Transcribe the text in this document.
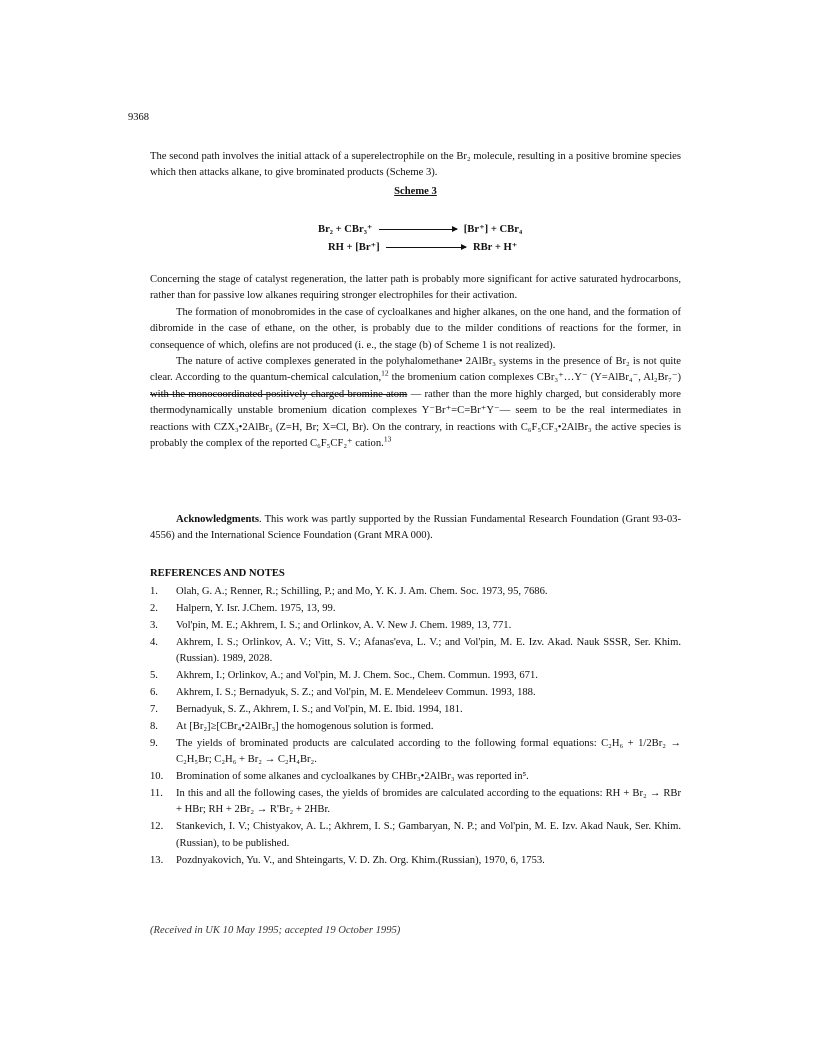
9368

The second path involves the initial attack of a superelectrophile on the Br₂ molecule, resulting in a positive bromine species which then attacks alkane, to give brominated products (Scheme 3).

Scheme 3
Br₂ + CBr₃⁺	[Br⁺] + CBr₄
RH + [Br⁺]	RBr + H⁺

Concerning the stage of catalyst regeneration, the latter path is probably more significant for active saturated hydrocarbons, rather than for passive low alkanes requiring stronger electrophiles for their activation.

The formation of monobromides in the case of cycloalkanes and higher alkanes, on the one hand, and the formation of dibromide in the case of ethane, on the other, is probably due to the milder conditions of reactions for the former, in consequence of which, olefins are not produced (i. e., the stage (b) of Scheme 1 is not realized).

The nature of active complexes generated in the polyhalomethane• 2AlBr₃ systems in the presence of Br₂ is not quite clear. According to the quantum-chemical calculation,$^{12}$ the bromenium cation complexes CBr₃⁺…Y⁻ (Y=AlBr₄⁻, Al₂Br₇⁻) with the monocoordinated positively charged bromine atom — rather than the more highly charged, but considerably more thermodynamically unstable bromenium dication complexes Y⁻Br⁺=C=Br⁺Y⁻— seem to be the real intermediates in reactions with CZX₃•2AlBr₃ (Z=H, Br; X=Cl, Br). On the contrary, in reactions with C₆F₅CF₃•2AlBr₃ the active species is probably the complex of the reported C₆F₅CF₂⁺ cation.$^{13}$

Acknowledgments. This work was partly supported by the Russian Fundamental Research Foundation (Grant 93-03-4556) and the International Science Foundation (Grant MRA 000).

REFERENCES AND NOTES
1.	Olah, G. A.; Renner, R.; Schilling, P.; and Mo, Y. K. J. Am. Chem. Soc. 1973, 95, 7686.
2.	Halpern, Y. Isr. J.Chem. 1975, 13, 99.
3.	Vol'pin, M. E.; Akhrem, I. S.; and Orlinkov, A. V. New J. Chem. 1989, 13, 771.
4.	Akhrem, I. S.; Orlinkov, A. V.; Vitt, S. V.; Afanas'eva, L. V.; and Vol'pin, M. E. Izv. Akad. Nauk SSSR, Ser. Khim. (Russian). 1989, 2028.
5.	Akhrem, I.; Orlinkov, A.; and Vol'pin, M. J. Chem. Soc., Chem. Commun. 1993, 671.
6.	Akhrem, I. S.; Bernadyuk, S. Z.; and Vol'pin, M. E. Mendeleev Commun. 1993, 188.
7.	Bernadyuk, S. Z., Akhrem, I. S.; and Vol'pin, M. E. Ibid. 1994, 181.
8.	At [Br₂]≥[CBr₄•2AlBr₃] the homogenous solution is formed.
9.	The yields of brominated products are calculated according to the following formal equations: C₂H₆ + 1/2Br₂ → C₂H₅Br; C₂H₆ + Br₂ → C₂H₄Br₂.
10.	Bromination of some alkanes and cycloalkanes by CHBr₃•2AlBr₃ was reported in⁵.
11.	In this and all the following cases, the yields of bromides are calculated according to the equations: RH + Br₂ → RBr + HBr; RH + 2Br₂ → R'Br₂ + 2HBr.
12.	Stankevich, I. V.; Chistyakov, A. L.; Akhrem, I. S.; Gambaryan, N. P.; and Vol'pin, M. E. Izv. Akad Nauk, Ser. Khim. (Russian), to be published.
13.	Pozdnyakovich, Yu. V., and Shteingarts, V. D. Zh. Org. Khim.(Russian), 1970, 6, 1753.
(Received in UK 10 May 1995; accepted 19 October 1995)
